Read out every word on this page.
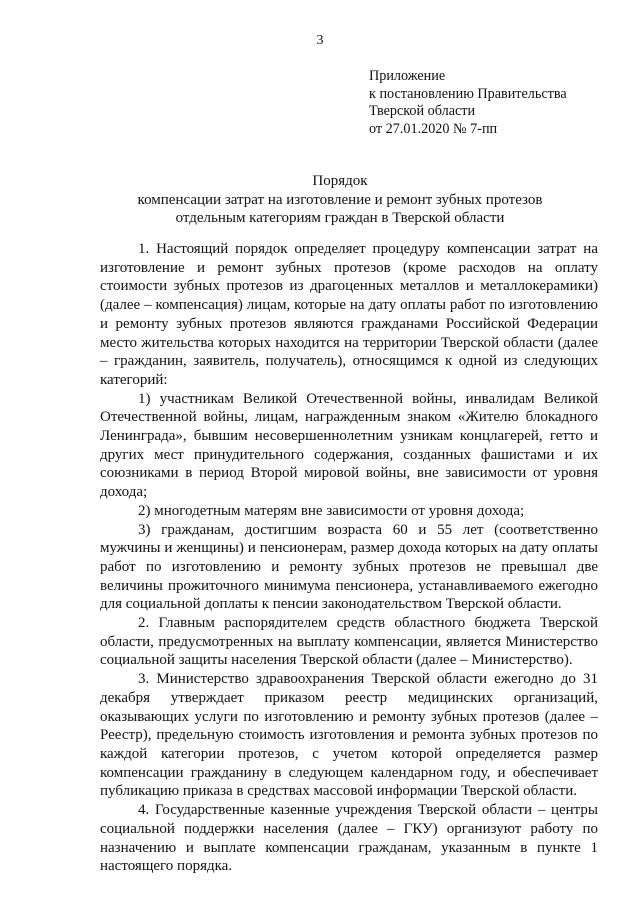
3
Приложение
к постановлению Правительства
Тверской области
от 27.01.2020 № 7-пп
Порядок
компенсации затрат на изготовление и ремонт зубных протезов
отдельным категориям граждан в Тверской области

1. Настоящий порядок определяет процедуру компенсации затрат на изготовление и ремонт зубных протезов (кроме расходов на оплату стоимости зубных протезов из драгоценных металлов и металлокерамики) (далее – компенсация) лицам, которые на дату оплаты работ по изготовлению и ремонту зубных протезов являются гражданами Российской Федерации место жительства которых находится на территории Тверской области (далее – гражданин, заявитель, получатель), относящимся к одной из следующих категорий:

1) участникам Великой Отечественной войны, инвалидам Великой Отечественной войны, лицам, награжденным знаком «Жителю блокадного Ленинграда», бывшим несовершеннолетним узникам концлагерей, гетто и других мест принудительного содержания, созданных фашистами и их союзниками в период Второй мировой войны, вне зависимости от уровня дохода;

2) многодетным матерям вне зависимости от уровня дохода;

3) гражданам, достигшим возраста 60 и 55 лет (соответственно мужчины и женщины) и пенсионерам, размер дохода которых на дату оплаты работ по изготовлению и ремонту зубных протезов не превышал две величины прожиточного минимума пенсионера, устанавливаемого ежегодно для социальной доплаты к пенсии законодательством Тверской области.

2. Главным распорядителем средств областного бюджета Тверской области, предусмотренных на выплату компенсации, является Министерство социальной защиты населения Тверской области (далее – Министерство).

3. Министерство здравоохранения Тверской области ежегодно до 31 декабря утверждает приказом реестр медицинских организаций, оказывающих услуги по изготовлению и ремонту зубных протезов (далее – Реестр), предельную стоимость изготовления и ремонта зубных протезов по каждой категории протезов, с учетом которой определяется размер компенсации гражданину в следующем календарном году, и обеспечивает публикацию приказа в средствах массовой информации Тверской области.

4. Государственные казенные учреждения Тверской области – центры социальной поддержки населения (далее – ГКУ) организуют работу по назначению и выплате компенсации гражданам, указанным в пункте 1 настоящего порядка.
